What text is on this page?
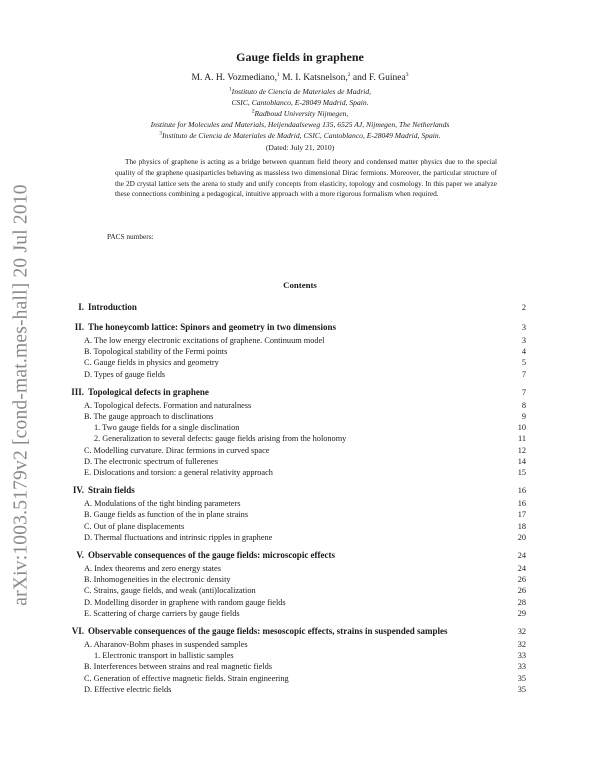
arXiv:1003.5179v2 [cond-mat.mes-hall] 20 Jul 2010
Gauge fields in graphene
M. A. H. Vozmediano,$^1$ M. I. Katsnelson,$^2$ and F. Guinea$^3$
$^1$Instituto de Ciencia de Materiales de Madrid,
CSIC, Cantoblanco, E-28049 Madrid, Spain.
$^2$Radboud University Nijmegen,
Institute for Molecules and Materials, Heijendaalseweg 135, 6525 AJ, Nijmegen, The Netherlands
$^3$Instituto de Ciencia de Materiales de Madrid, CSIC, Cantoblanco, E-28049 Madrid, Spain.
(Dated: July 21, 2010)
The physics of graphene is acting as a bridge between quantum field theory and condensed matter physics due to the special quality of the graphene quasiparticles behaving as massless two dimensional Dirac fermions. Moreover, the particular structure of the 2D crystal lattice sets the arena to study and unify concepts from elasticity, topology and cosmology. In this paper we analyze these connections combining a pedagogical, intuitive approach with a more rigorous formalism when required.
PACS numbers:
Contents
I. Introduction	2
II. The honeycomb lattice: Spinors and geometry in two dimensions	3
A. The low energy electronic excitations of graphene. Continuum model	3
B. Topological stability of the Fermi points	4
C. Gauge fields in physics and geometry	5
D. Types of gauge fields	7
III. Topological defects in graphene	7
A. Topological defects. Formation and naturalness	8
B. The gauge approach to disclinations	9
1. Two gauge fields for a single disclination	10
2. Generalization to several defects: gauge fields arising from the holonomy	11
C. Modelling curvature. Dirac fermions in curved space	12
D. The electronic spectrum of fullerenes	14
E. Dislocations and torsion: a general relativity approach	15
IV. Strain fields	16
A. Modulations of the tight binding parameters	16
B. Gauge fields as function of the in plane strains	17
C. Out of plane displacements	18
D. Thermal fluctuations and intrinsic ripples in graphene	20
V. Observable consequences of the gauge fields: microscopic effects	24
A. Index theorems and zero energy states	24
B. Inhomogeneities in the electronic density	26
C. Strains, gauge fields, and weak (anti)localization	26
D. Modelling disorder in graphene with random gauge fields	28
E. Scattering of charge carriers by gauge fields	29
VI. Observable consequences of the gauge fields: mesoscopic effects, strains in suspended samples	32
A. Aharanov-Bohm phases in suspended samples	32
1. Electronic transport in ballistic samples	33
B. Interferences between strains and real magnetic fields	33
C. Generation of effective magnetic fields. Strain engineering	35
D. Effective electric fields	35
